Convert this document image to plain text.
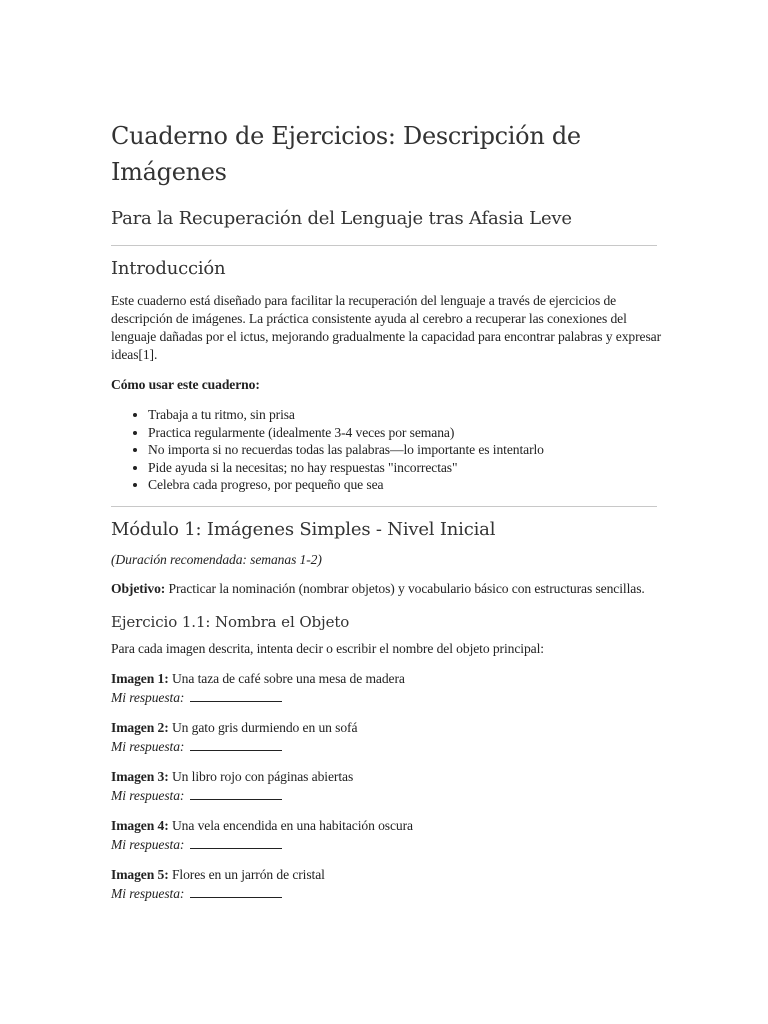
Cuaderno de Ejercicios: Descripción de Imágenes
Para la Recuperación del Lenguaje tras Afasia Leve
Introducción

Este cuaderno está diseñado para facilitar la recuperación del lenguaje a través de ejercicios de descripción de imágenes. La práctica consistente ayuda al cerebro a recuperar las conexiones del lenguaje dañadas por el ictus, mejorando gradualmente la capacidad para encontrar palabras y expresar ideas[1].

Cómo usar este cuaderno:

• Trabaja a tu ritmo, sin prisa
• Practica regularmente (idealmente 3-4 veces por semana)
• No importa si no recuerdas todas las palabras—lo importante es intentarlo
• Pide ayuda si la necesitas; no hay respuestas "incorrectas"
• Celebra cada progreso, por pequeño que sea
Módulo 1: Imágenes Simples - Nivel Inicial

(Duración recomendada: semanas 1-2)

Objetivo: Practicar la nominación (nombrar objetos) y vocabulario básico con estructuras sencillas.

Ejercicio 1.1: Nombra el Objeto

Para cada imagen descrita, intenta decir o escribir el nombre del objeto principal:

Imagen 1: Una taza de café sobre una mesa de madera

Mi respuesta:

Imagen 2: Un gato gris durmiendo en un sofá

Mi respuesta:

Imagen 3: Un libro rojo con páginas abiertas

Mi respuesta:

Imagen 4: Una vela encendida en una habitación oscura

Mi respuesta:

Imagen 5: Flores en un jarrón de cristal

Mi respuesta:
